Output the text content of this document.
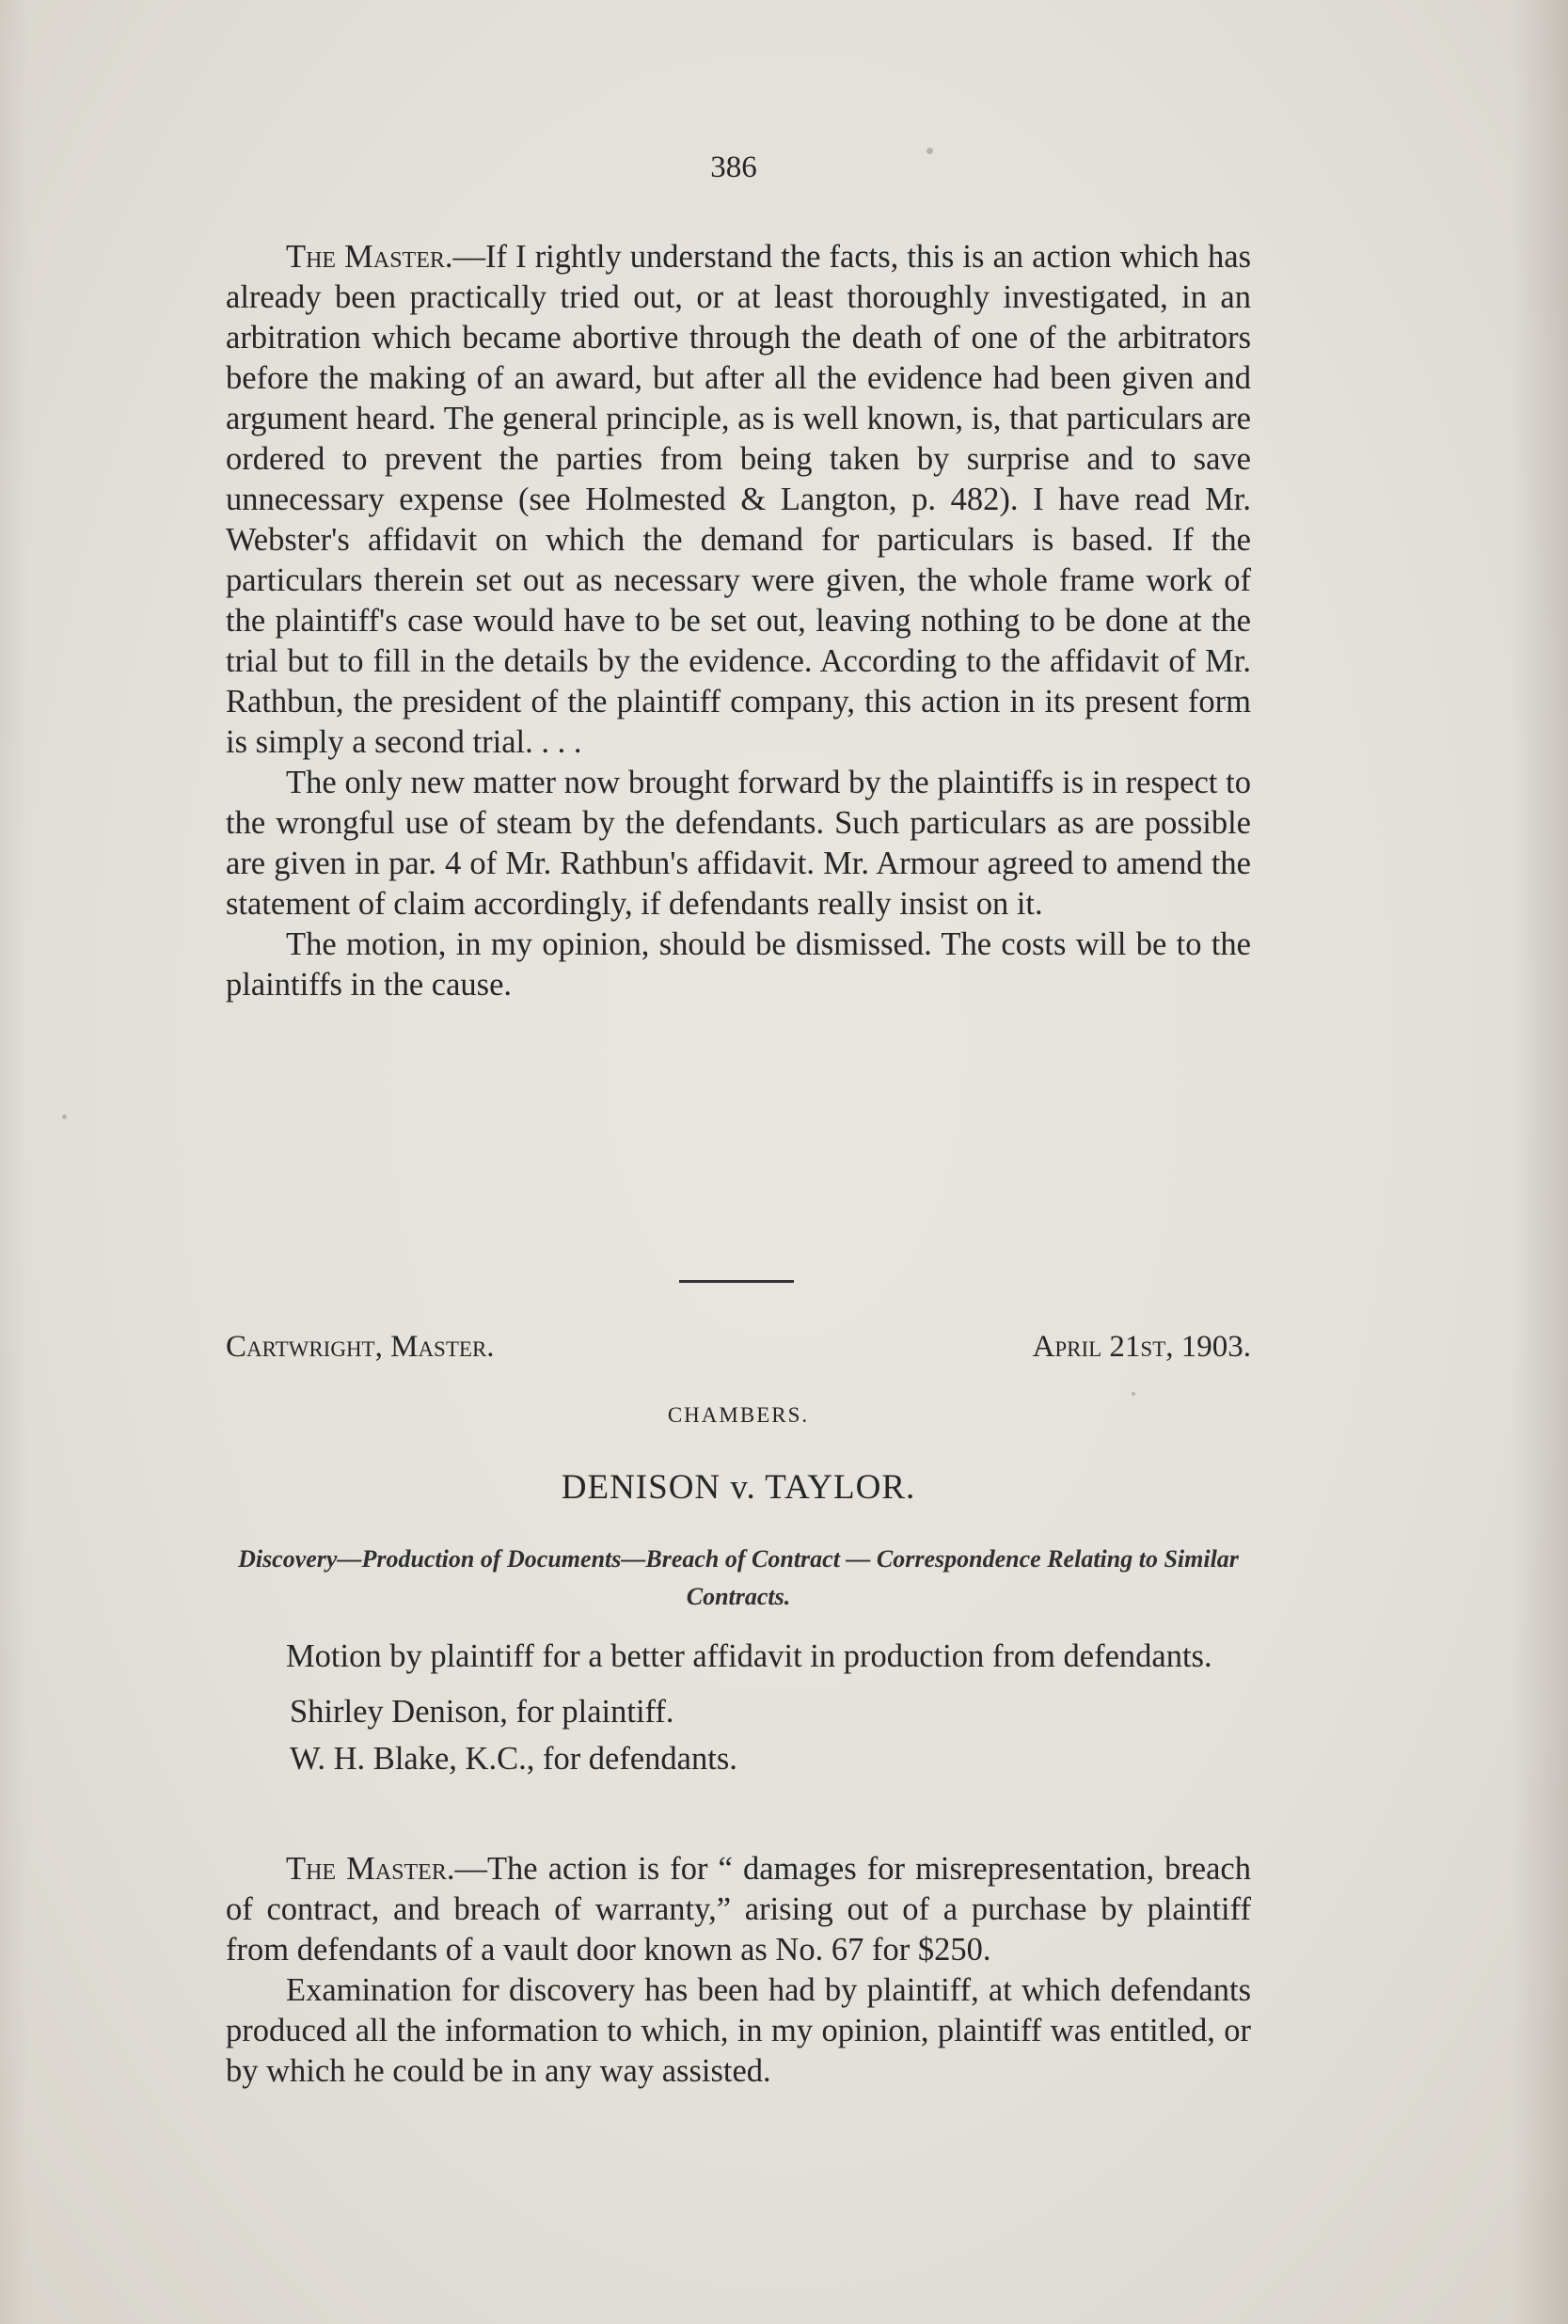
386

The Master.—If I rightly understand the facts, this is an action which has already been practically tried out, or at least thoroughly investigated, in an arbitration which became abortive through the death of one of the arbitrators before the making of an award, but after all the evidence had been given and argument heard. The general principle, as is well known, is, that particulars are ordered to prevent the parties from being taken by surprise and to save unnecessary expense (see Holmested & Langton, p. 482). I have read Mr. Webster's affidavit on which the demand for particulars is based. If the particulars therein set out as necessary were given, the whole frame work of the plaintiff's case would have to be set out, leaving nothing to be done at the trial but to fill in the details by the evidence. According to the affidavit of Mr. Rathbun, the president of the plaintiff company, this action in its present form is simply a second trial. . . .

The only new matter now brought forward by the plaintiffs is in respect to the wrongful use of steam by the defendants. Such particulars as are possible are given in par. 4 of Mr. Rathbun's affidavit. Mr. Armour agreed to amend the statement of claim accordingly, if defendants really insist on it.

The motion, in my opinion, should be dismissed. The costs will be to the plaintiffs in the cause.

Cartwright, Master.	April 21st, 1903.
CHAMBERS.
DENISON v. TAYLOR.
Discovery—Production of Documents—Breach of Contract — Correspondence Relating to Similar Contracts.

Motion by plaintiff for a better affidavit in production from defendants.

Shirley Denison, for plaintiff.

W. H. Blake, K.C., for defendants.

The Master.—The action is for “ damages for misrepresentation, breach of contract, and breach of warranty,” arising out of a purchase by plaintiff from defendants of a vault door known as No. 67 for $250.

Examination for discovery has been had by plaintiff, at which defendants produced all the information to which, in my opinion, plaintiff was entitled, or by which he could be in any way assisted.
